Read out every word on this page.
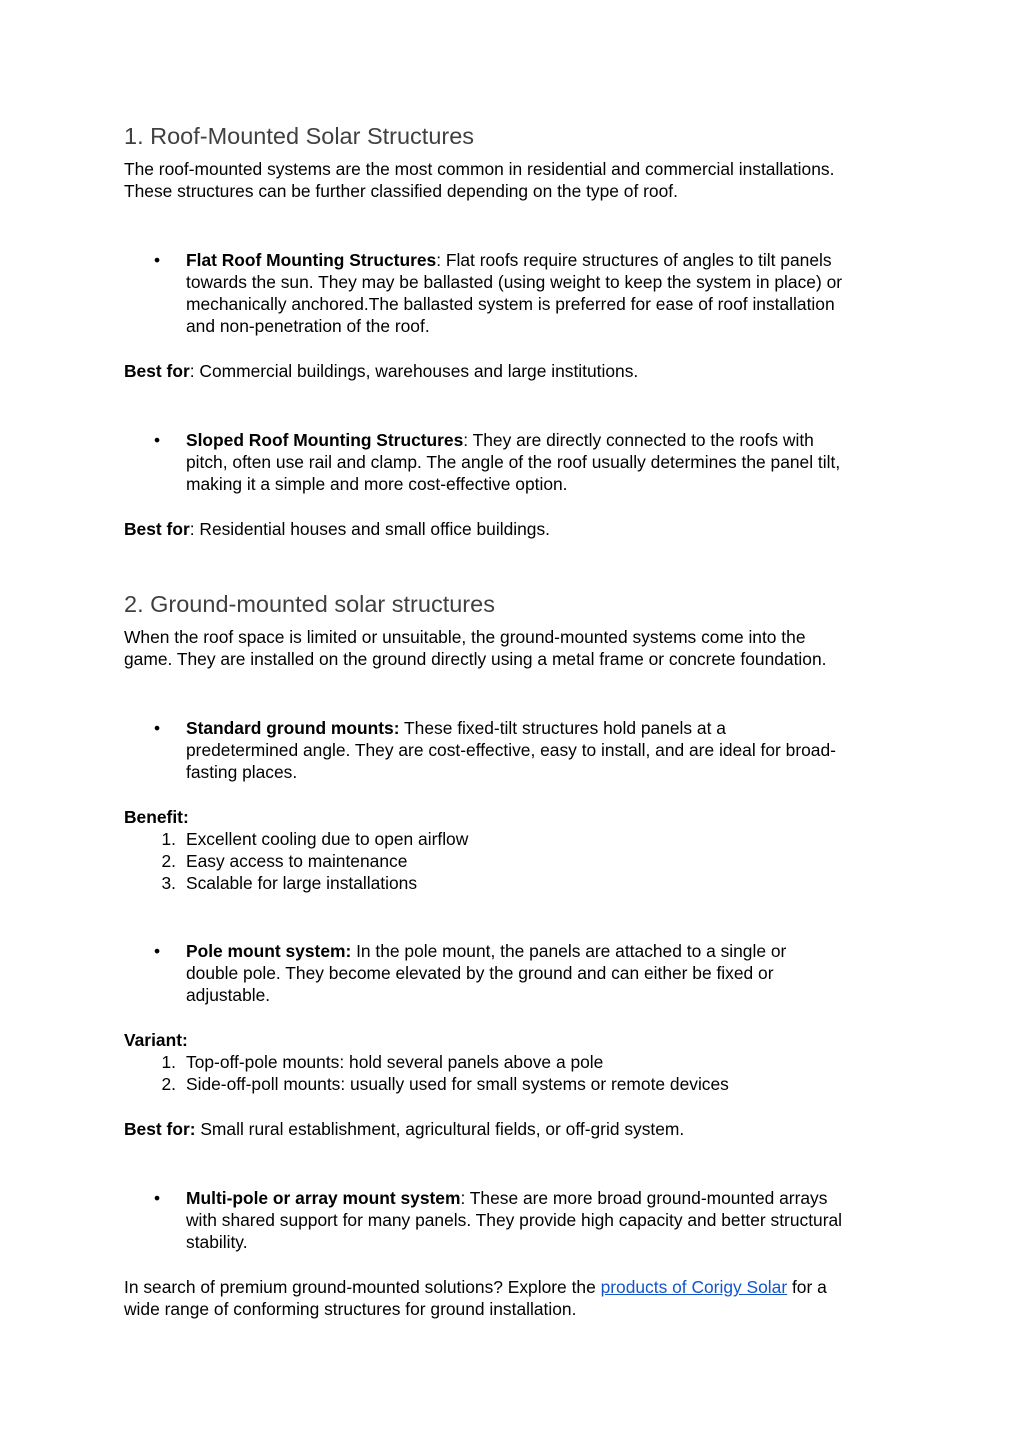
1. Roof-Mounted Solar Structures

The roof-mounted systems are the most common in residential and commercial installations.
These structures can be further classified depending on the type of roof.

•	Flat Roof Mounting Structures: Flat roofs require structures of angles to tilt panels
towards the sun. They may be ballasted (using weight to keep the system in place) or
mechanically anchored.The ballasted system is preferred for ease of roof installation
and non-penetration of the roof.

Best for: Commercial buildings, warehouses and large institutions.

•	Sloped Roof Mounting Structures: They are directly connected to the roofs with
pitch, often use rail and clamp. The angle of the roof usually determines the panel tilt,
making it a simple and more cost-effective option.

Best for: Residential houses and small office buildings.

2. Ground-mounted solar structures

When the roof space is limited or unsuitable, the ground-mounted systems come into the
game. They are installed on the ground directly using a metal frame or concrete foundation.

•	Standard ground mounts: These fixed-tilt structures hold panels at a
predetermined angle. They are cost-effective, easy to install, and are ideal for broad-
fasting places.

Benefit:

1. Excellent cooling due to open airflow
2. Easy access to maintenance
3. Scalable for large installations
•	Pole mount system: In the pole mount, the panels are attached to a single or
double pole. They become elevated by the ground and can either be fixed or
adjustable.

Variant:

1. Top-off-pole mounts: hold several panels above a pole
2. Side-off-poll mounts: usually used for small systems or remote devices

Best for: Small rural establishment, agricultural fields, or off-grid system.

•	Multi-pole or array mount system: These are more broad ground-mounted arrays
with shared support for many panels. They provide high capacity and better structural
stability.

In search of premium ground-mounted solutions? Explore the products of Corigy Solar for a
wide range of conforming structures for ground installation.
